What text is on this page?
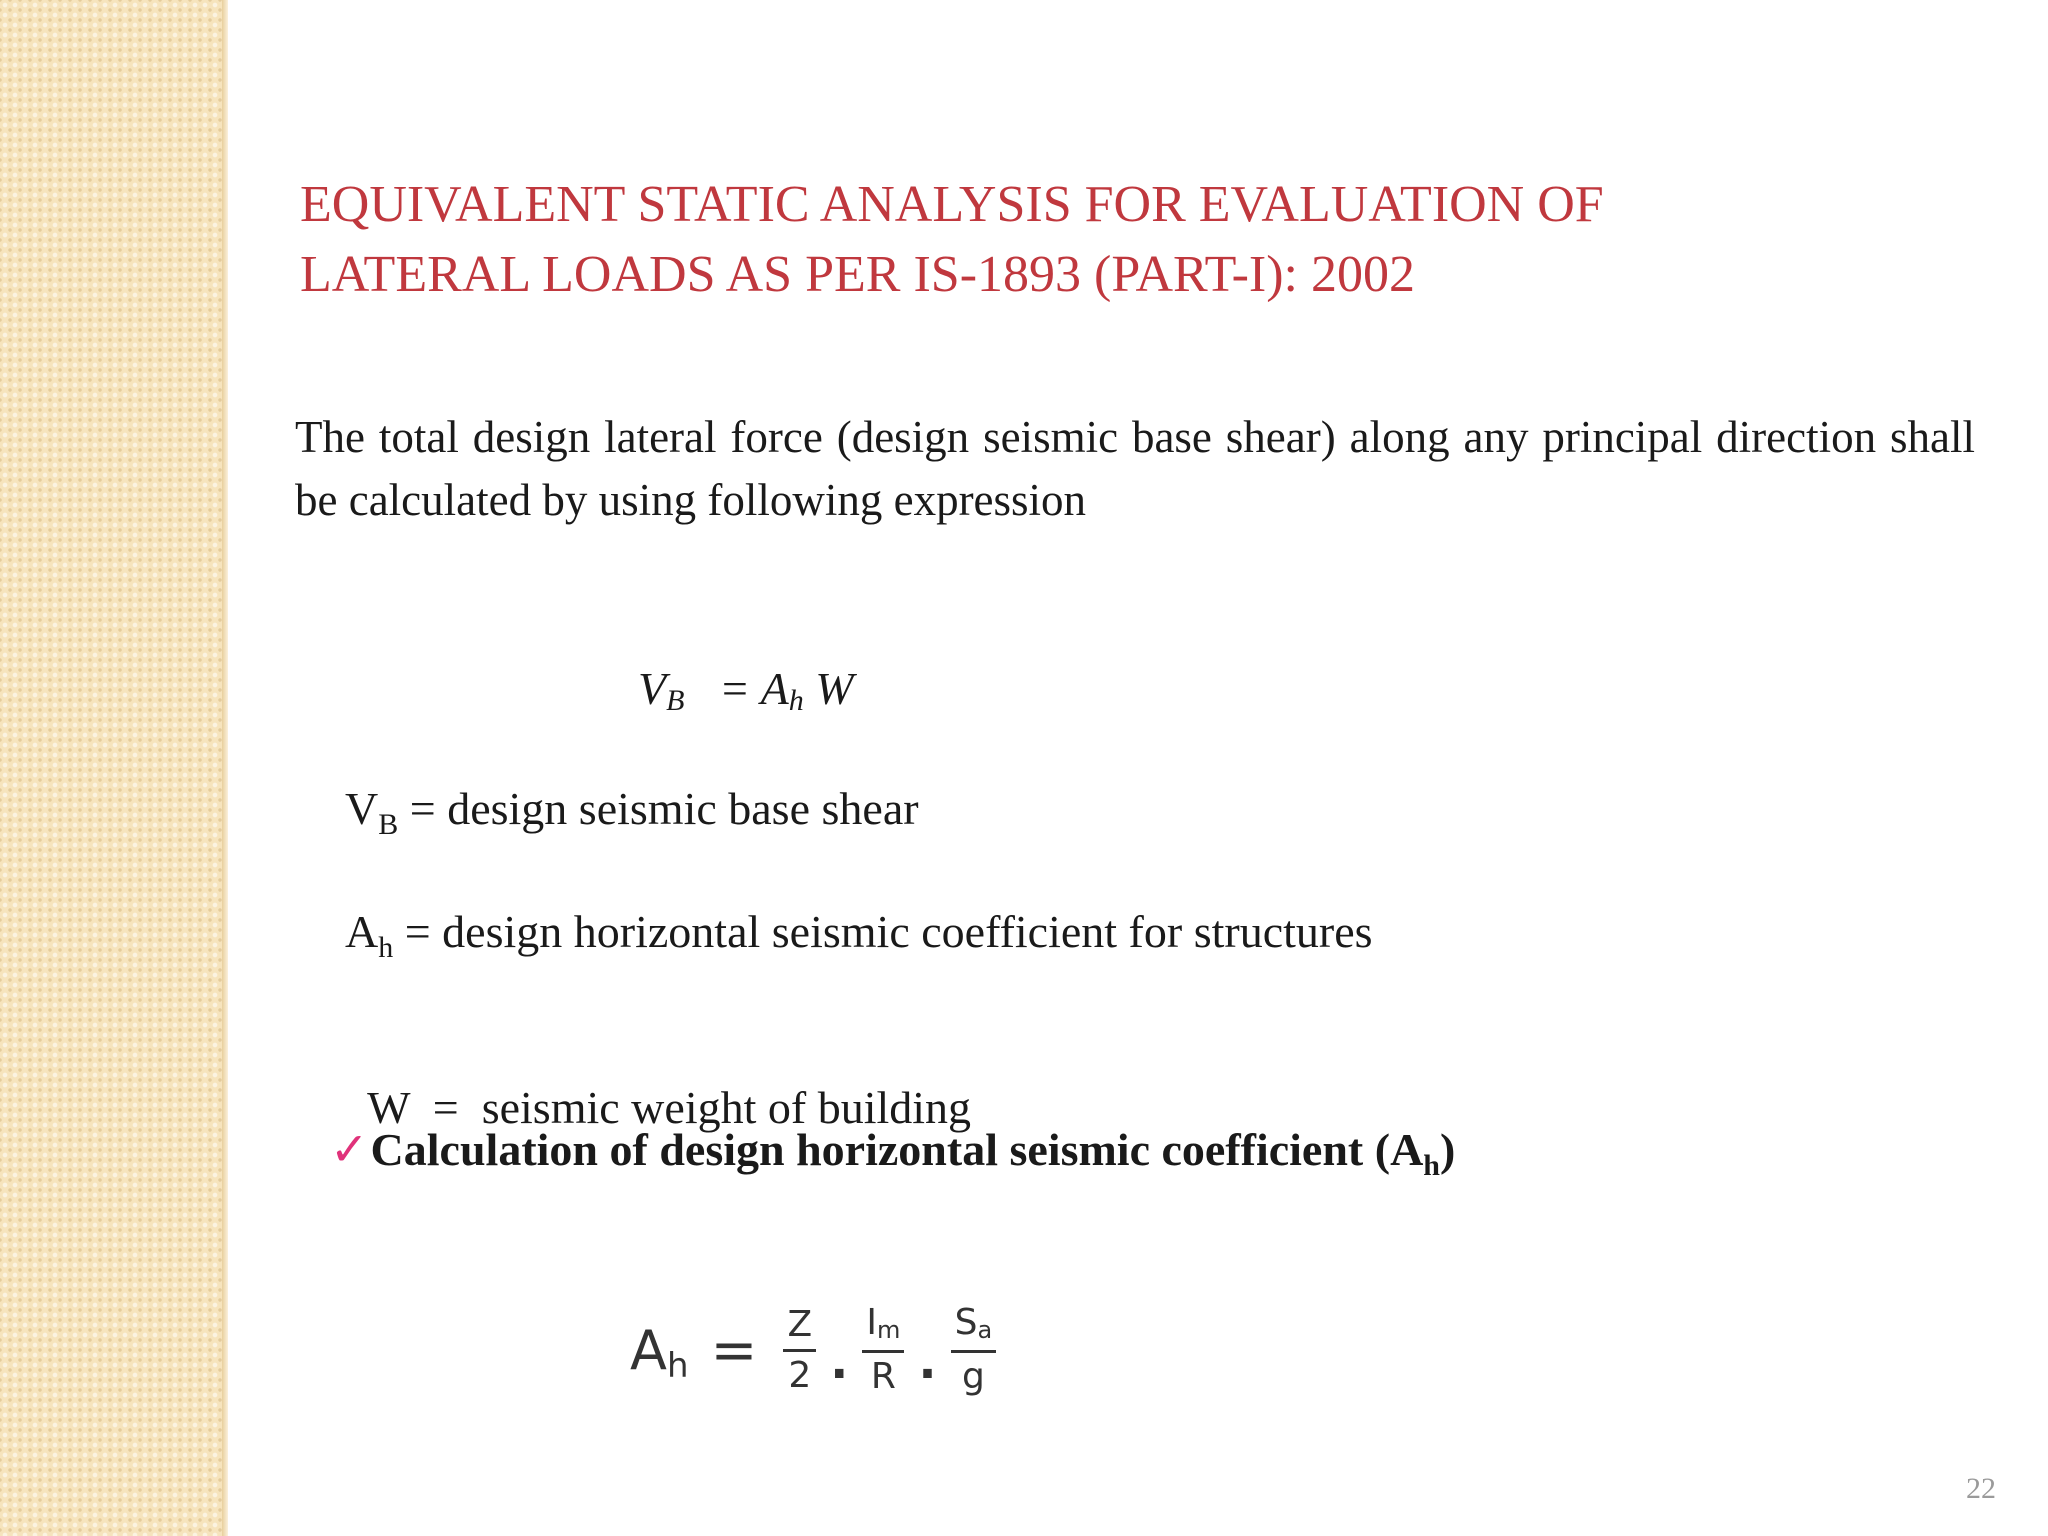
EQUIVALENT STATIC ANALYSIS FOR EVALUATION OF
LATERAL LOADS AS PER IS-1893 (PART-I): 2002

The total design lateral force (design seismic base shear) along any principal direction shall be calculated by using following expression

$V_B = A_h$ W
$V_B$ = design seismic base shear
$A_h$ = design horizontal seismic coefficient for structures

W  =  seismic weight of building

✓Calculation of design horizontal seismic coefficient $(A_h)$
$A_h = \frac{Z}{2}$ . $\frac{I_m}{R}$ . $\frac{S_a}{g}$
22
